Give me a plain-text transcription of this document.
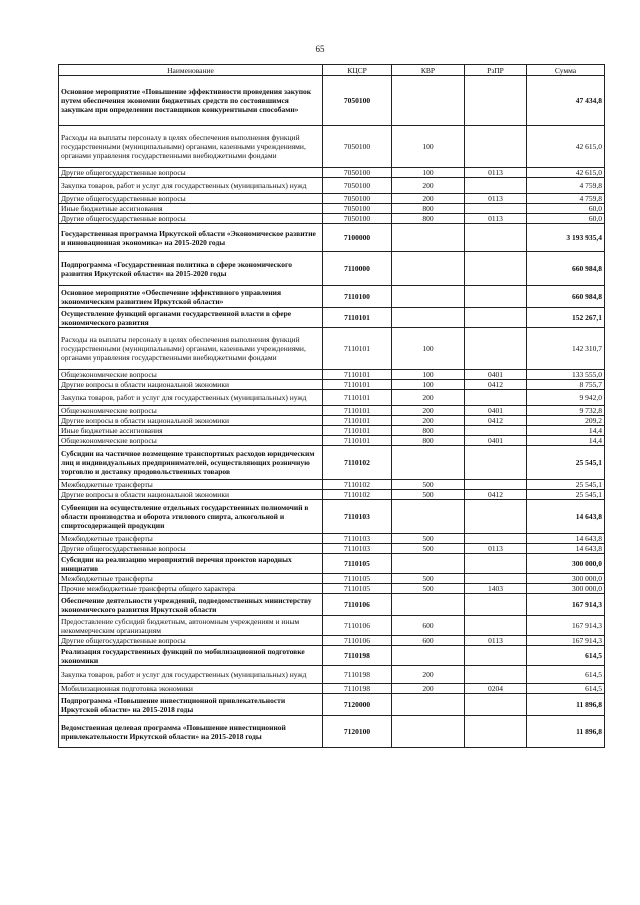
65
Наименование	КЦСР	КВР	РзПР	Сумма
Основное мероприятие «Повышение эффективности проведения закупок путем обеспечения экономии бюджетных средств по состоявшимся закупкам при определении поставщиков конкурентными способами»	7050100			47 434,8
Расходы на выплаты персоналу в целях обеспечения выполнения функций государственными (муниципальными) органами, казенными учреждениями, органами управления государственными внебюджетными фондами	7050100	100		42 615,0
Другие общегосударственные вопросы	7050100	100	0113	42 615,0
Закупка товаров, работ и услуг для государственных (муниципальных) нужд	7050100	200		4 759,8
Другие общегосударственные вопросы	7050100	200	0113	4 759,8
Иные бюджетные ассигнования	7050100	800		60,0
Другие общегосударственные вопросы	7050100	800	0113	60,0
Государственная программа Иркутской области «Экономическое развитие и инновационная экономика» на 2015-2020 годы	7100000			3 193 935,4
Подпрограмма «Государственная политика в сфере экономического развития Иркутской области» на 2015-2020 годы	7110000			660 984,8
Основное мероприятие «Обеспечение эффективного управления экономическим развитием Иркутской области»	7110100			660 984,8
Осуществление функций органами государственной власти в сфере экономического развития	7110101			152 267,1
Расходы на выплаты персоналу в целях обеспечения выполнения функций государственными (муниципальными) органами, казенными учреждениями, органами управления государственными внебюджетными фондами	7110101	100		142 310,7
Общеэкономические вопросы	7110101	100	0401	133 555,0
Другие вопросы в области национальной экономики	7110101	100	0412	8 755,7
Закупка товаров, работ и услуг для государственных (муниципальных) нужд	7110101	200		9 942,0
Общеэкономические вопросы	7110101	200	0401	9 732,8
Другие вопросы в области национальной экономики	7110101	200	0412	209,2
Иные бюджетные ассигнования	7110101	800		14,4
Общеэкономические вопросы	7110101	800	0401	14,4
Субсидии на частичное возмещение транспортных расходов юридическим лиц и индивидуальных предпринимателей, осуществляющих розничную торговлю и доставку продовольственных товаров	7110102			25 545,1
Межбюджетные трансферты	7110102	500		25 545,1
Другие вопросы в области национальной экономики	7110102	500	0412	25 545,1
Субвенции на осуществление отдельных государственных полномочий в области производства и оборота этилового спирта, алкогольной и спиртосодержащей продукции	7110103			14 643,8
Межбюджетные трансферты	7110103	500		14 643,8
Другие общегосударственные вопросы	7110103	500	0113	14 643,8
Субсидии на реализацию мероприятий перечня проектов народных инициатив	7110105			300 000,0
Межбюджетные трансферты	7110105	500		300 000,0
Прочие межбюджетные трансферты общего характера	7110105	500	1403	300 000,0
Обеспечение деятельности учреждений, подведомственных министерству экономического развития Иркутской области	7110106			167 914,3
Предоставление субсидий бюджетным, автономным учреждениям и иным некоммерческим организациям	7110106	600		167 914,3
Другие общегосударственные вопросы	7110106	600	0113	167 914,3
Реализация государственных функций по мобилизационной подготовке экономики	7110198			614,5
Закупка товаров, работ и услуг для государственных (муниципальных) нужд	7110198	200		614,5
Мобилизационная подготовка экономики	7110198	200	0204	614,5
Подпрограмма «Повышение инвестиционной привлекательности Иркутской области» на 2015-2018 годы	7120000			11 896,8
Ведомственная целевая программа «Повышение инвестиционной привлекательности Иркутской области» на 2015-2018 годы	7120100			11 896,8
